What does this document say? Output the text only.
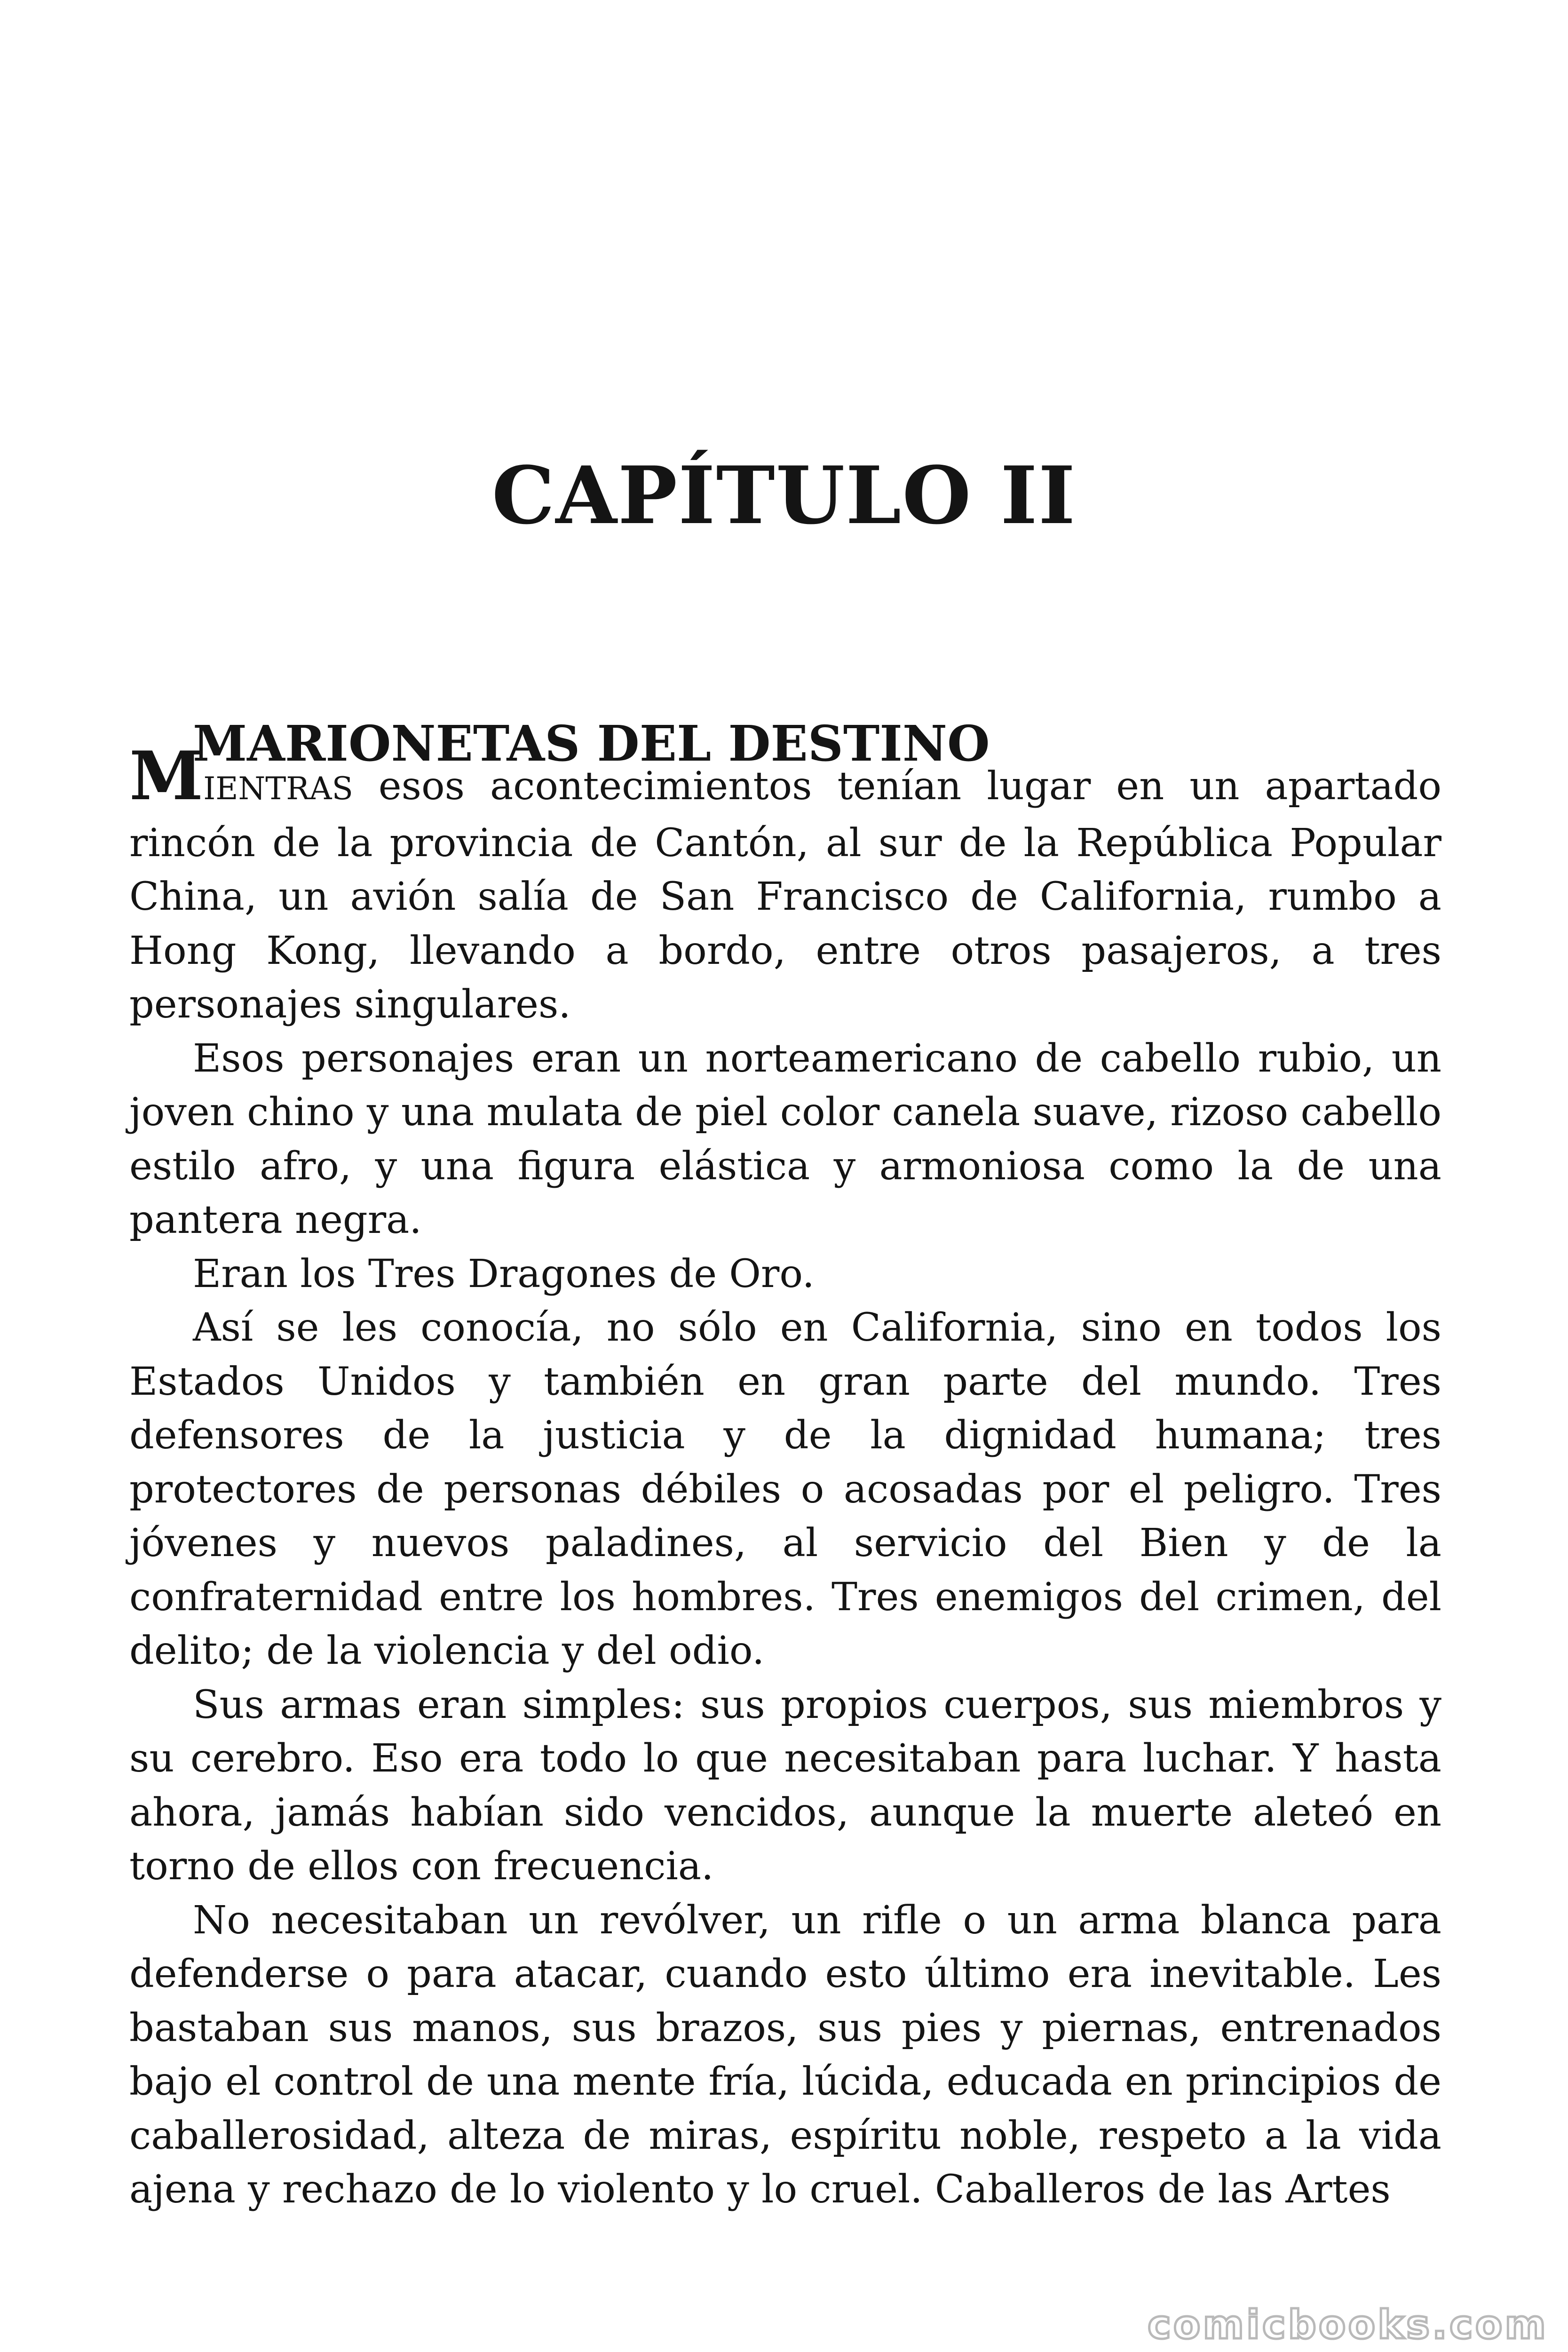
CAPÍTULO II
MARIONETAS DEL DESTINO

MIENTRAS esos acontecimientos tenían lugar en un apartado rincón de la provincia de Cantón, al sur de la República Popular China, un avión salía de San Francisco de California, rumbo a Hong Kong, llevando a bordo, entre otros pasajeros, a tres personajes singulares.

Esos personajes eran un norteamericano de cabello rubio, un joven chino y una mulata de piel color canela suave, rizoso cabello estilo afro, y una figura elástica y armoniosa como la de una pantera negra.

Eran los Tres Dragones de Oro.

Así se les conocía, no sólo en California, sino en todos los Estados Unidos y también en gran parte del mundo. Tres defensores de la justicia y de la dignidad humana; tres protectores de personas débiles o acosadas por el peligro. Tres jóvenes y nuevos paladines, al servicio del Bien y de la confraternidad entre los hombres. Tres enemigos del crimen, del delito; de la violencia y del odio.

Sus armas eran simples: sus propios cuerpos, sus miembros y su cerebro. Eso era todo lo que necesitaban para luchar. Y hasta ahora, jamás habían sido vencidos, aunque la muerte aleteó en torno de ellos con frecuencia.

No necesitaban un revólver, un rifle o un arma blanca para defenderse o para atacar, cuando esto último era inevitable. Les bastaban sus manos, sus brazos, sus pies y piernas, entrenados bajo el control de una mente fría, lúcida, educada en principios de caballerosidad, alteza de miras, espíritu noble, respeto a la vida ajena y rechazo de lo violento y lo cruel. Caballeros de las Artes

comicbooks.com
